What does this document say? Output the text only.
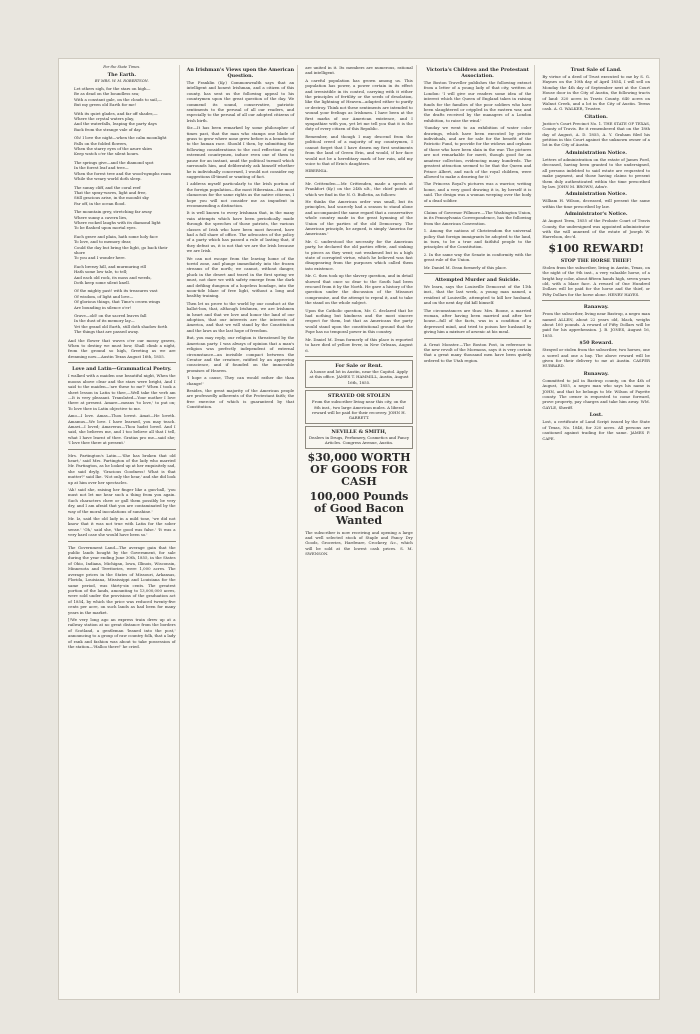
For the State Times.
The Earth.
BY MRS. W. M. ROBERTSON.
Let others sigh, for the stars on high—
Be as dead on the boundless sea;
With a constant gale, on the clouds to sail,—
But my green old Earth for me!
With its quiet glades, and far off shades,—
Where the crystal waters play,
And the waterfalls, leaping the party days
Back from the strange vale of day.
Oh! I love the night—when the calm moonlight
Falls on the folded flowers,
When the starry eyes of the azure skies
Keep watch o'er the silent hours.
The springs give—and the diamond spot
In the forest leaf and tree—
When the forest tree and the wood-nymphs roam
While the weary world doth sleep.
The sunny cliff, and the coral reef
That the spray-waves, light and free,
Still gracious arise, in the moonlit sky
Far off, in the ocean flood.
The mountain grey, stretching far away
Where sunny a cavern lies,
Where rocked laughs with its diamond light
To be flashed upon mortal eyes.
Each grave and plain, hath some holy face
To love, and to memory dear,
Could the day but bring the light, go back their shore
To you and I wonder here.
Each breezy hill, and murmuring rill
Hath some low tale, to tell;
And each old rock, its moss and weeds,
Doth keep some silent knell.
Of the mighty past! with its treasures vast
Of wisdom, of light and love—
Of glorious things, that Time's crown wings
Are bounding in silence o'er!
Grave—old! on the sacred leaves fall
In the dust of its memory lay—
Yet the grand old Earth, still doth shadow forth
The things that are passed away.
And the flower that waves o'er our mossy graves, When to destiny we must bow, Shall climb a night, from the ground so high, Greeting as we are dreaming now.—Austin Texas August 16th, 1855.
Love and Latin—Grammatical Poetry.
I walked with a maiden one beautiful night, When the moons above clear and the stars were bright, And I said to the maiden—'are these to me?' When I took a sheet lesson in Latin to thee,—Well take the verb am—It is very pleasant. Translated—Your mother I love there at present. Amare—means 'to love,' to put on; To love thee in Latin objective to me.
Amo—I love. Amas—Thou lovest. Amat—He loveth. Amamus—We love. I have learned, you may teach. Amavi—I loved; Amaveras—Thou hadst loved. And I said, she believes me, and I too believe all that I tell, what I have learnt of thee. Gratias pro me—said she; 'I love thee there at present.'
Mrs. Partington's Latin.—'She has broken that old heart,' said Mrs. Partington of the lady who married Mr. Partington, as he looked up at her exquisitely sad, she said dryly, 'Gracious Goodness! What is that mutter?' said Ike. 'Not only the hear,' and she did look up at him over her spectacles.
'Ah! said she, raising her finger like a gun-ball, 'you must not let me hear such a thing from you again. Such characters chew or gall them possibly be very dry, and I am afraid that you are contaminated by the way of the moral inoculations of sunshine.'
Mr. Iz, said the old lady in a mild tone, 'we did not know that it was not true with Latin for the sober sense.' 'Oh,' said she, 'the good was false.' 'It was a very hard case she would have been so.'
The Government Land—The average gain that the public lands bought by the Government, for sale during the year ending June 30th, 1855, in the States of Ohio, Indiana, Michigan, Iowa, Illinois, Wisconsin, Minnesota and Territories, were 1,000 acres. The average prices in the States of Missouri, Arkansas, Florida, Louisiana, Mississippi and Louisiana for the same period, was thirty-six cents. The greatest portion of the lands, amounting to 13,000,000 acres, were sold under the provisions of the graduation act of 1854, by which the price was reduced twenty-five cents per acre, on such lands as had been for many years in the market.
[!We very long ago an express train drew up at a railway station at no great distance from the borders of Scotland, a gentleman 'leaned into the post,' announcing to a group of raw country folk, that a lady of rank and fashion was about to take possession of the station—'Halloo there!' he cried.
An Irishman's Views upon the American Question.
The Franklin (Ky.) Commonwealth says that an intelligent and honest Irishman, and a citizen of this county, has sent us the following appeal to his countrymen upon the great question of the day. We commend its sound, conservative, patriotic sentiments to the perusal of all our readers, and especially to the perusal of all our adopted citizens of Irish birth.
Sir.—It has been remarked by some philosopher of times past, that the man who stamps one blade of grass to grow where none grew before is a benefactor to the human race. Should I then, by submitting the following considerations to the cool reflection of my esteemed countrymen, induce even one of them to pause for an instant, amid the political turmoil which surrounds him, and deliberately ask himself whether he is individually concerned, I would not consider my suggestions ill-timed or wanting of fact.
I address myself particularly to the Irish portion of the foreign population—the most Hibernian—the most clamorous for the same rights as the native citizens, I hope you will not consider me as impudent in recommending a distinction.
It is well known to every Irishman that, in the many vain attempts which have been periodically made through the speeches of those patriots, the various classes of Irish who have been most favored, have had a full share of office. The advocates of the policy of a party which has passed a rule of lasting that, if they defeat us, it is not that we are the Irish because we are Irish.
We can not escape from the leaving home of the torrid zone, and plunge immediately into the frozen streams of the north; we cannot, without danger, pluck in the desert and travel in the first spring we must, not dare we with safety emerge from the dark and defiling dungeon of a hopeless bondage, into the noon-tide blaze of free light, without a long and healthy training.
Then let us prove to the world by our conduct at the ballot-box, that, although Irishmen, we are Irishmen in heart and that we love and honor the land of our adoption, that our interests are the interests of America, and that we will stand by the Constitution and the laws as the last hope of freedom.
But, you may reply, our religion is threatened by the American party. I was always of opinion that a man's religion was perfectly independent of external circumstance—an invisible compact between the Creator and the creature, ratified by an approving conscience, and if founded on the immovable promises of Heaven.
'I hope a cause, They can would rather die than change!'
Besides, the great majority of the American people are professedly adherents of the Protestant faith; the free exercise of which is guaranteed by that Constitution.
are united in it. Its members are numerous, rational and intelligent.
A careful population has grown among us. This population has power, a power certain in its effect and irresistible in its control, carrying with it either the principles of fertility or the seeds of desolation, like the lightning of Heaven—adapted either to purify or destroy. Think not these sentiments are intended to wound your feelings as Irishmen. I have been at the first marks of our American existence, and I sympathize with you, yet let me tell you that it is the duty of every citizen of this Republic.
Remember, and though I may descend from the political creed of a majority of my countrymen, I cannot forget that I have drawn my first sentiments from the land of Green Erin, and would, if her face would not be a hereditary mark of her ruin, add my voice to that of Erin's daughters.
HIBERNIA.
Mr. Crittenden.—Mr. Crittenden, made a speech at Frankfort (Ky.) on the 24th ult., the chief points of which we find in the N. O. Bulletin, as follows:
He thinks the American order was small, but its principles, had scarcely had a season to stand alone and accompanied the same regard that a conservative whole country made in the great hymning of the Union of the parties of the old Democracy. The American principle, he argued, is simply 'America for Americans.'
Mr. C. understood the necessity for the American party, he declared the old parties effete, and sinking to pieces as they went; not weakened but in a high state of corrupted virtue, which he believed was fast disappearing from the purposes which called them into existence.
Mr. C. then took up the slavery question, and in detail showed that once so dear to the South had been rescued from it by the North. He gave a history of the question under the discussion of the Missouri compromise, and the attempt to repeal it, and to take the stand on the whole subject.
Upon the Catholic question, Mr. C. declared that he had nothing but kindness and the most sincere respect for them, but that as Americans the party would stand upon the constitutional ground that the Pope has no temporal power in this country.
Mr. Daniel M. Dean formerly of this place is reported to have died of yellow fever, in New Orleans, August 6.
For Sale or Rent.
A house and lot in Austin, near the Capitol. Apply at this office. JAMES T. HAMMILL, Austin, August 16th, 1855.
STRAYED OR STOLEN
From the subscriber living near this city, on the 8th inst., two large American mules. A liberal reward will be paid for their recovery. JOHN H. GARRETT.
NEVILLE & SMITH,
Dealers in Drugs, Perfumery, Cosmetics and Fancy Articles. Congress Avenue, Austin.
$30,000 WORTH OF GOODS FOR CASH
100,000 Pounds of Good Bacon Wanted
The subscriber is now receiving and opening a large and well selected stock of Staple and Fancy Dry Goods, Groceries, Hardware, Crockery, &c., which will be sold at the lowest cash prices. S. M. SWENSON.
Victoria's Children and the Protestant Association.
The Boston Traveller publishes the following extract from a letter of a young lady of that city, written at London: 'I will give our readers some idea of the interest which the Queen of England takes in raising funds for the families of the poor soldiers who have been slaughtered or crippled in the eastern war, and the drafts received by the managers of a London exhibition, to raise the wind.'
'Sunday we went to an exhibition of water color drawings, which have been executed by private individuals, and are for sale for the benefit of the Patriotic Fund, to provide for the widows and orphans of those who have been slain in the war. The pictures are not remarkable for merit, though good for an amateur collection, evidencing many hundreds. The greatest attraction seemed to be that the Queen and Prince Albert, and each of the royal children, were allowed to make a drawing for it.'
The Princess Royal's pictures was a warrior, writing home, and a very good drawing it is, by herself it is said. The design was a woman weeping over the body of a dead soldier.
Claims of Governor Fillmore.—The Washington Union, in its Pennsylvania Correspondence, has the following from the American Convention.
1. Among the nations of Christendom the universal policy that foreign immigrants be adopted to the land, in turn, to be a true and faithful people to the principles of the Constitution.
2. In the same way the Senate in conformity with the great rule of the Union.
Mr. Daniel M. Dean formerly of this place.
Attempted Murder and Suicide.
We learn, says the Louisville Democrat of the 11th inst., that the last week, a young man named, a resident of Louisville, attempted to kill her husband, and on the next day did kill himself.
The circumstances are thus: Mrs. Boone, a married woman, after having been married and after her house—full of the facts, was in a condition of a depressed mind, and tried to poison her husband by giving him a mixture of arsenic at his meal.
A Great Monster.—The Boston Post, in reference to the new revolt of the Mormons, says it is very certain that a great many thousand men have been quietly ordered to the Utah region.
Trust Sale of Land.
By virtue of a deed of Trust executed to me by S. G. Haynes on the 10th day of April 1854, I will sell on Monday the 4th day of September next at the Court House door in the City of Austin, the following tracts of land: 320 acres in Travis County, 640 acres on Walnut Creek, and a lot in the City of Austin. Terms cash. A. G. WALKER, Trustee.
Citation.
Justice's Court Precinct No. 1. THE STATE OF TEXAS, County of Travis. Be it remembered that on the 18th day of August, A. D. 1855, A. Y. Graham filed his petition in this Court against the unknown owner of a lot in the City of Austin.
Administration Notice.
Letters of administration on the estate of James Ford, deceased, having been granted to the undersigned, all persons indebted to said estate are requested to make payment, and those having claims to present them duly authenticated within the time prescribed by law. JOHN M. BROWN, Adm'r.
Administration Notice.
William H. Wilson, deceased, will present the same within the time prescribed by law.
Administrator's Notice.
At August Term, 1855 of the Probate Court of Travis County, the undersigned was appointed administrator with the will annexed of the estate of Joseph W. Harrelson, dec'd.
$100 REWARD!
STOP THE HORSE THIEF!
Stolen from the subscriber, living in Austin, Texas, on the night of the 9th inst., a very valuable horse, of a bright bay color, about fifteen hands high, seven years old, with a blaze face. A reward of One Hundred Dollars will be paid for the horse and the thief, or Fifty Dollars for the horse alone. HENRY HAYES.
Ranaway.
From the subscriber, living near Bastrop, a negro man named ALLEN, about 22 years old, black, weighs about 160 pounds. A reward of Fifty Dollars will be paid for his apprehension. J. B. JONES, August 16, 1855.
$50 Reward.
Strayed or stolen from the subscriber, two horses, one a sorrel and one a bay. The above reward will be given for their delivery to me at Austin. CASPER HUBBARD.
Runaway.
Committed to jail in Bastrop county, on the 4th of August, 1855, a negro man who says his name is JOHN, and that he belongs to Mr. Wilson of Fayette county. The owner is requested to come forward, prove property, pay charges and take him away. WM. GAYLE, Sheriff.
Lost.
Lost, a certificate of Land Script issued by the State of Texas, No. 1846, for 320 acres. All persons are cautioned against trading for the same. JAMES P. CAPE.
